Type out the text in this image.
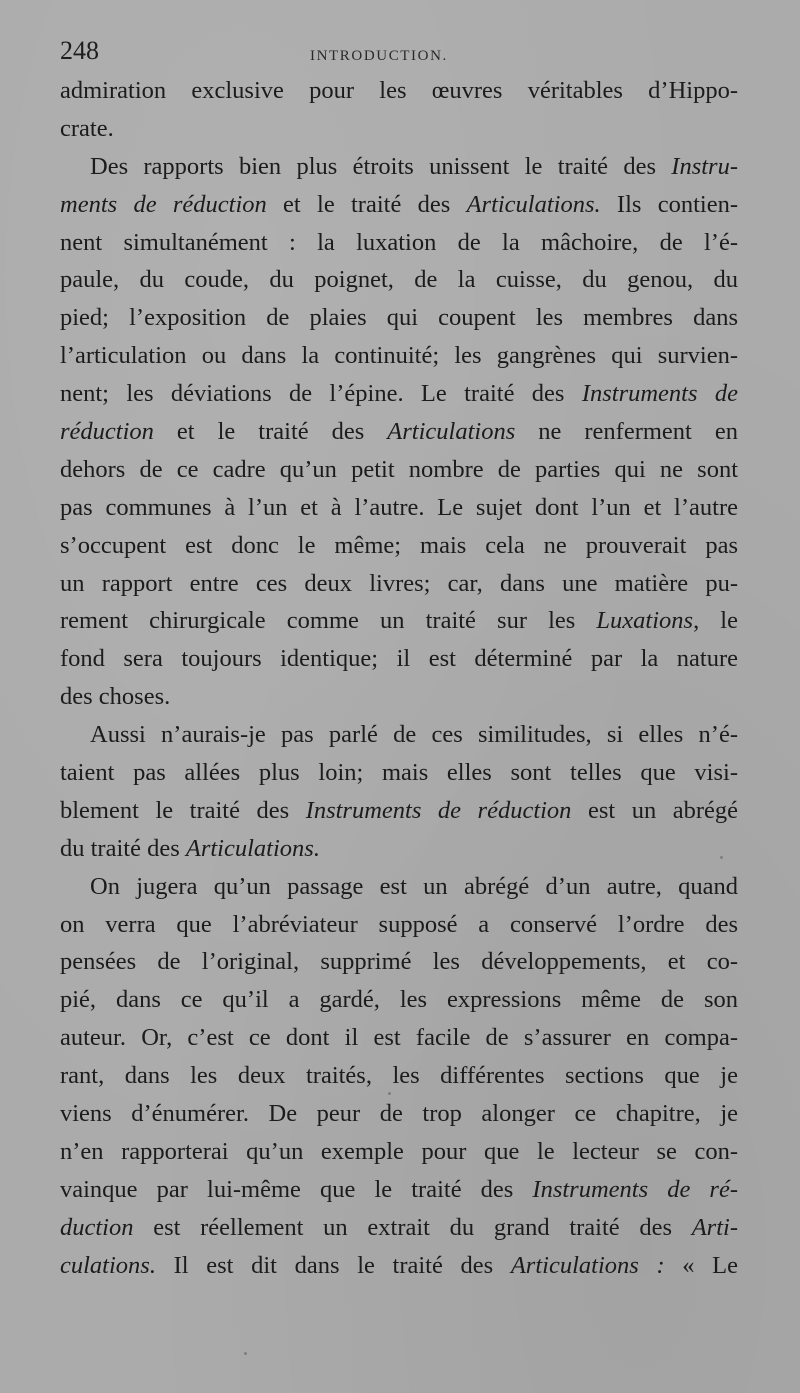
248	INTRODUCTION.
admiration exclusive pour les œuvres véritables d’Hippo-
crate.
Des rapports bien plus étroits unissent le traité des Instru-
ments de réduction et le traité des Articulations. Ils contien-
nent simultanément : la luxation de la mâchoire, de l’é-
paule, du coude, du poignet, de la cuisse, du genou, du
pied; l’exposition de plaies qui coupent les membres dans
l’articulation ou dans la continuité; les gangrènes qui survien-
nent; les déviations de l’épine. Le traité des Instruments de
réduction et le traité des Articulations ne renferment en
dehors de ce cadre qu’un petit nombre de parties qui ne sont
pas communes à l’un et à l’autre. Le sujet dont l’un et l’autre
s’occupent est donc le même; mais cela ne prouverait pas
un rapport entre ces deux livres; car, dans une matière pu-
rement chirurgicale comme un traité sur les Luxations, le
fond sera toujours identique; il est déterminé par la nature
des choses.
Aussi n’aurais-je pas parlé de ces similitudes, si elles n’é-
taient pas allées plus loin; mais elles sont telles que visi-
blement le traité des Instruments de réduction est un abrégé
du traité des Articulations.
On jugera qu’un passage est un abrégé d’un autre, quand
on verra que l’abréviateur supposé a conservé l’ordre des
pensées de l’original, supprimé les développements, et co-
pié, dans ce qu’il a gardé, les expressions même de son
auteur. Or, c’est ce dont il est facile de s’assurer en compa-
rant, dans les deux traités, les différentes sections que je
viens d’énumérer. De peur de trop alonger ce chapitre, je
n’en rapporterai qu’un exemple pour que le lecteur se con-
vainque par lui-même que le traité des Instruments de ré-
duction est réellement un extrait du grand traité des Arti-
culations. Il est dit dans le traité des Articulations : « Le
